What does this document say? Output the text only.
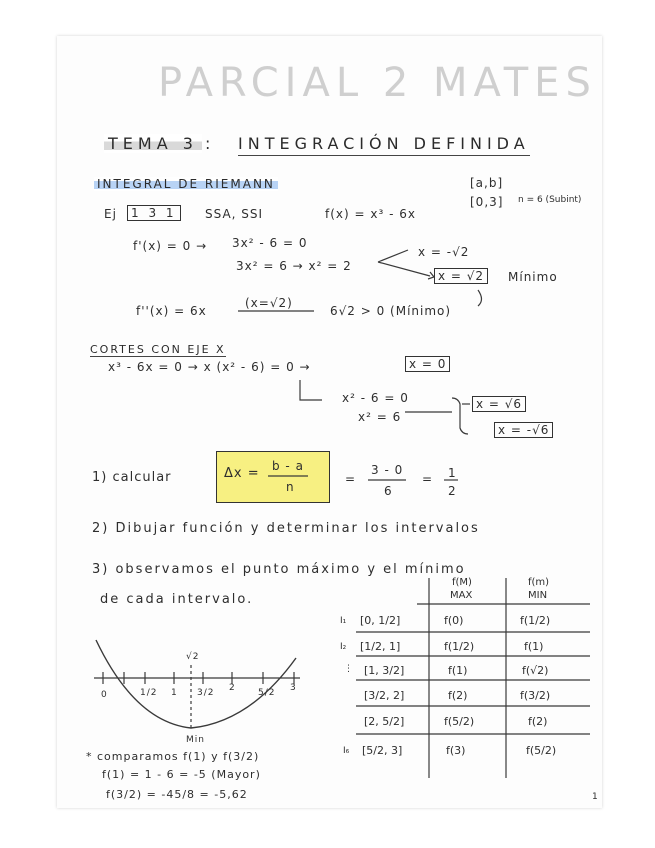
PARCIAL 2 MATES
TEMA 3 : INTEGRACIÓN DEFINIDA
INTEGRAL DE RIEMANN	[a,b]
[0,3] n = 6 (Subint)
Ej	1 3 1	SSA, SSI	f(x) = x³ - 6x
f'(x) = 0 → 3x² - 6 = 0
3x² = 6 → x² = 2
x = -√2
x = √2	Mínimo
f''(x) = 6x
(x=√2)
6√2 > 0 (Mínimo)
CORTES CON EJE X
x³ - 6x = 0 → x (x² - 6) = 0 →	x = 0
x² - 6 = 0
x² = 6
x = √6
x = -√6
1) calcular	Δx = b - a
n
=
3 - 0
6
= 1
2
2) Dibujar función y determinar los intervalos
3) observamos el punto máximo y el mínimo
de cada intervalo.
√2
0	1/2 1 3/2 2 5/2 3
Min
f(M)
MAX
f(m)
MIN
I₁ [0, 1/2]	f(0)	f(1/2)
I₂ [1/2, 1]	f(1/2)	f(1)
⋮ [1, 3/2]	f(1)	f(√2)
[3/2, 2]	f(2)	f(3/2)
[2, 5/2]	f(5/2)	f(2)
I₆ [5/2, 3]	f(3)	f(5/2)
* comparamos f(1) y f(3/2)
f(1) = 1 - 6 = -5 (Mayor)
f(3/2) = -45/8 = -5,62	1
